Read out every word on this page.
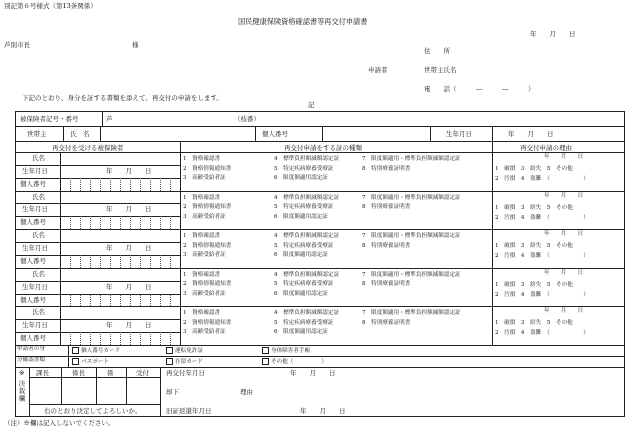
別記第６号様式（第13条関係）
国民健康保険資格確認書等再交付申請書
年　　月　　日
芦別市長	様
住　　所
申請者	世帯主氏名
電　　話（　　　―　　　―　　　）
下記のとおり、身分を証する書類を添えて、再交付の申請をします。
記
被保険者記号・番号	芦	（枝番）
世帯主	氏　名	個人番号	生年月日	年　　月　　日
再交付を受ける被保険者	再交付申請をする証の種類	再交付申請の理由
氏名
生年月日	年　　月　　日
個人番号
1　資格確認書	4　標準負担額減額認定証	7　限度額適用・標準負担額減額認定証
2　資格情報通知書	5　特定疾病療養受療証	8　特別療養証明書
3　高齢受給者証	6　限度額適用認定証
年　　月　　日
1　破損　3　紛失　5　その他
2　汚損　4　盗難　（　　　　　　）
氏名
生年月日	年　　月　　日
個人番号
1　資格確認書	4　標準負担額減額認定証	7　限度額適用・標準負担額減額認定証
2　資格情報通知書	5　特定疾病療養受療証	8　特別療養証明書
3　高齢受給者証	6　限度額適用認定証
年　　月　　日
1　破損　3　紛失　5　その他
2　汚損　4　盗難　（　　　　　　）
氏名
生年月日	年　　月　　日
個人番号
1　資格確認書	4　標準負担額減額認定証	7　限度額適用・標準負担額減額認定証
2　資格情報通知書	5　特定疾病療養受療証	8　特別療養証明書
3　高齢受給者証	6　限度額適用認定証
年　　月　　日
1　破損　3　紛失　5　その他
2　汚損　4　盗難　（　　　　　　）
氏名
生年月日	年　　月　　日
個人番号
1　資格確認書	4　標準負担額減額認定証	7　限度額適用・標準負担額減額認定証
2　資格情報通知書	5　特定疾病療養受療証	8　特別療養証明書
3　高齢受給者証	6　限度額適用認定証
年　　月　　日
1　破損　3　紛失　5　その他
2　汚損　4　盗難　（　　　　　　）
氏名
生年月日	年　　月　　日
個人番号
1　資格確認書	4　標準負担額減額認定証	7　限度額適用・標準負担額減額認定証
2　資格情報通知書	5　特定疾病療養受療証	8　特別療養証明書
3　高齢受給者証	6　限度額適用認定証
年　　月　　日
1　破損　3　紛失　5　その他
2　汚損　4　盗難　（　　　　　　）
申請者の身
分確認書類
個人番号カード	運転免許証	身体障害者手帳
パスポート	在留カード	その他（　　　　　）
※
決裁欄
課長	係長	係	受付
右のとおり決定してよろしいか。
再交付年月日	年　　月　　日
却下	理由
旧証返還年月日	年　　月　　日
（注）※欄は記入しないでください。
